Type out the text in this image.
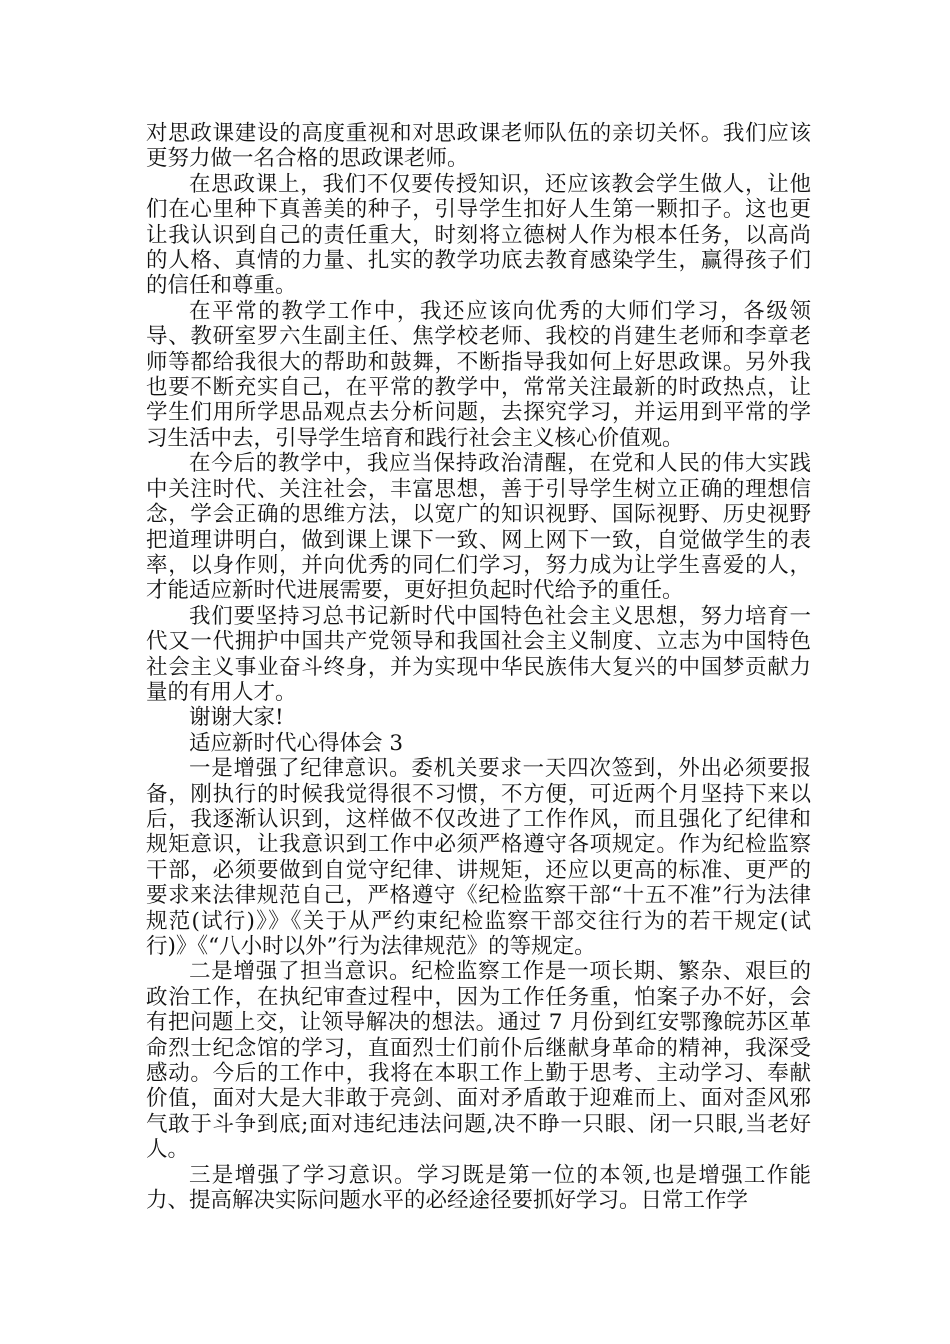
对思政课建设的高度重视和对思政课老师队伍的亲切关怀。我们应该更努力做一名合格的思政课老师。

在思政课上，我们不仅要传授知识，还应该教会学生做人，让他们在心里种下真善美的种子，引导学生扣好人生第一颗扣子。这也更让我认识到自己的责任重大，时刻将立德树人作为根本任务，以高尚的人格、真情的力量、扎实的教学功底去教育感染学生，赢得孩子们的信任和尊重。

在平常的教学工作中，我还应该向优秀的大师们学习，各级领导、教研室罗六生副主任、焦学校老师、我校的肖建生老师和李章老师等都给我很大的帮助和鼓舞，不断指导我如何上好思政课。另外我也要不断充实自己，在平常的教学中，常常关注最新的时政热点，让学生们用所学思品观点去分析问题，去探究学习，并运用到平常的学习生活中去，引导学生培育和践行社会主义核心价值观。

在今后的教学中，我应当保持政治清醒，在党和人民的伟大实践中关注时代、关注社会，丰富思想，善于引导学生树立正确的理想信念，学会正确的思维方法，以宽广的知识视野、国际视野、历史视野把道理讲明白，做到课上课下一致、网上网下一致，自觉做学生的表率，以身作则，并向优秀的同仁们学习，努力成为让学生喜爱的人，才能适应新时代进展需要，更好担负起时代给予的重任。

我们要坚持习总书记新时代中国特色社会主义思想，努力培育一代又一代拥护中国共产党领导和我国社会主义制度、立志为中国特色社会主义事业奋斗终身，并为实现中华民族伟大复兴的中国梦贡献力量的有用人才。

谢谢大家!

适应新时代心得体会 3

一是增强了纪律意识。委机关要求一天四次签到，外出必须要报备，刚执行的时候我觉得很不习惯，不方便，可近两个月坚持下来以后，我逐渐认识到，这样做不仅改进了工作作风，而且强化了纪律和规矩意识，让我意识到工作中必须严格遵守各项规定。作为纪检监察干部，必须要做到自觉守纪律、讲规矩，还应以更高的标准、更严的要求来法律规范自己，严格遵守《纪检监察干部“十五不准”行为法律规范(试行)》》《关于从严约束纪检监察干部交往行为的若干规定(试行)》《“八小时以外”行为法律规范》的等规定。

二是增强了担当意识。纪检监察工作是一项长期、繁杂、艰巨的政治工作，在执纪审查过程中，因为工作任务重，怕案子办不好，会有把问题上交，让领导解决的想法。通过 7 月份到红安鄂豫皖苏区革命烈士纪念馆的学习，直面烈士们前仆后继献身革命的精神，我深受感动。今后的工作中，我将在本职工作上勤于思考、主动学习、奉献价值，面对大是大非敢于亮剑、面对矛盾敢于迎难而上、面对歪风邪气敢于斗争到底;面对违纪违法问题,决不睁一只眼、闭一只眼,当老好人。

三是增强了学习意识。学习既是第一位的本领,也是增强工作能力、提高解决实际问题水平的必经途径要抓好学习。日常工作学
